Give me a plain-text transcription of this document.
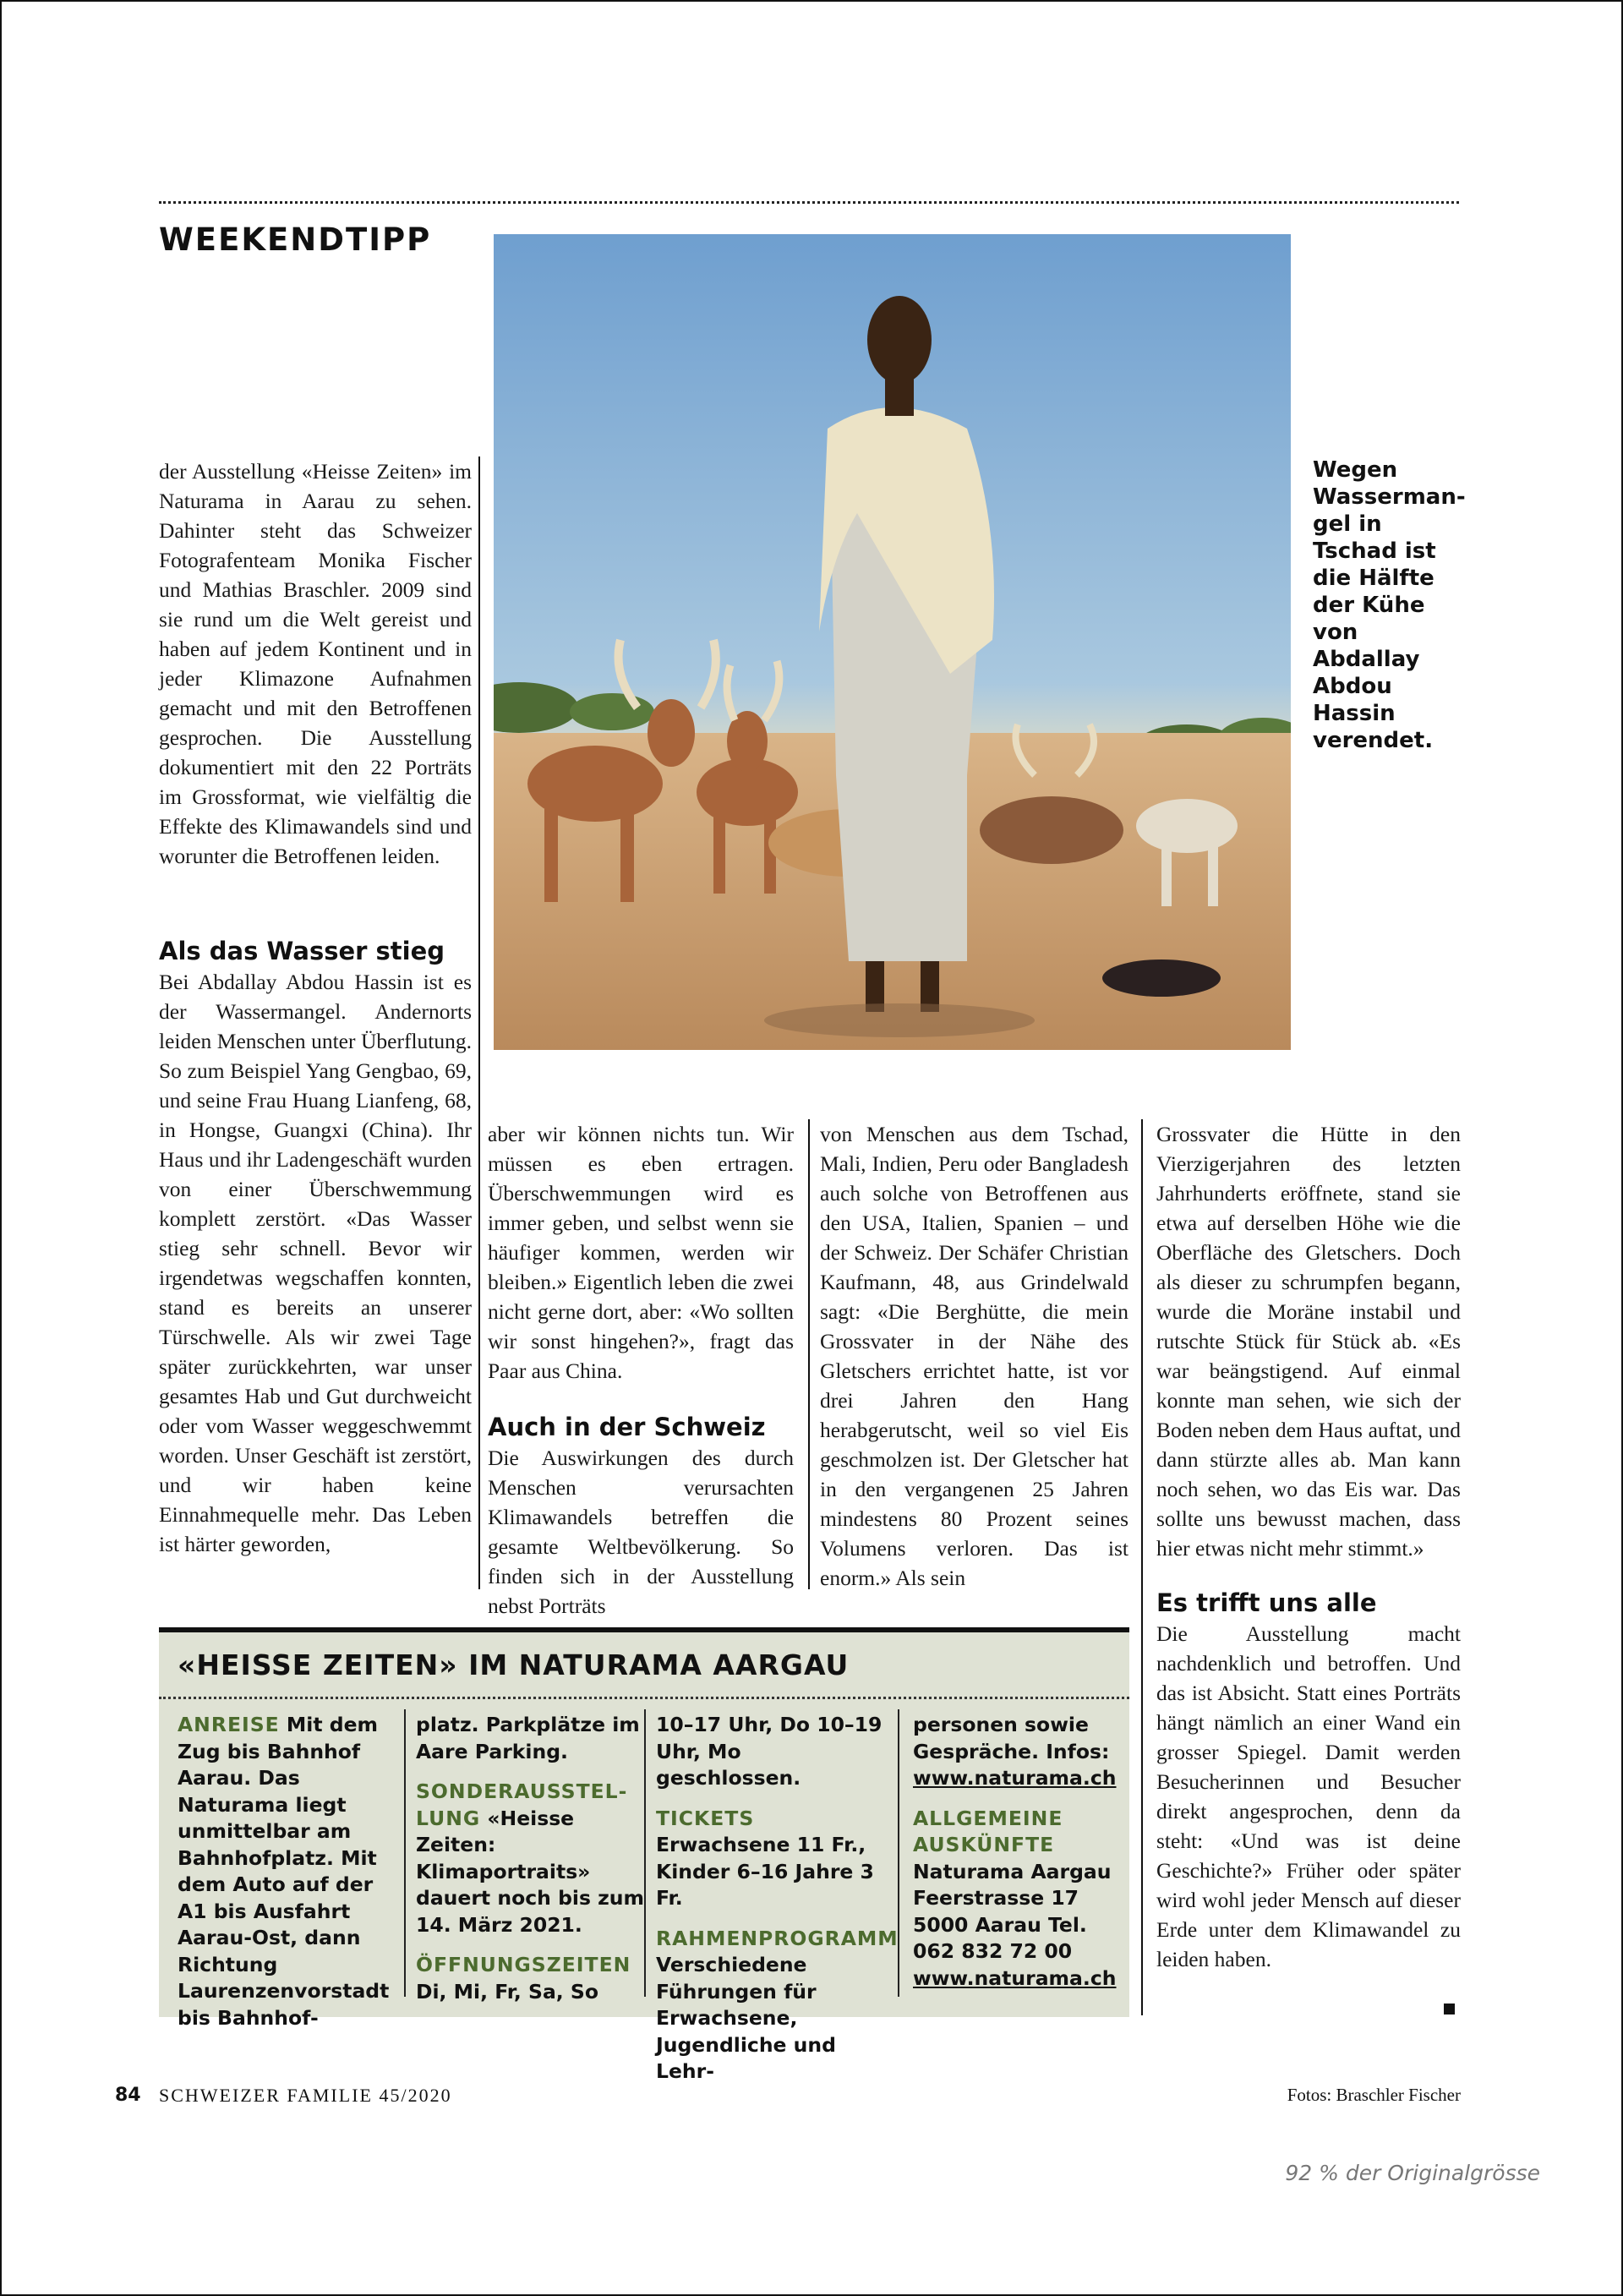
WEEKENDTIPP
Wegen Wasserman-gel in Tschad ist die Hälfte der Kühe von Abdallay Abdou Hassin verendet.

der Ausstellung «Heisse Zeiten» im Naturama in Aarau zu sehen. Dahinter steht das Schweizer Fotografenteam Monika Fischer und Mathias Braschler. 2009 sind sie rund um die Welt gereist und haben auf jedem Kontinent und in jeder Klimazone Aufnahmen gemacht und mit den Betroffenen gesprochen. Die Ausstellung dokumentiert mit den 22 Porträts im Grossformat, wie vielfältig die Effekte des Klimawandels sind und worunter die Betroffenen leiden.

Als das Wasser stieg

Bei Abdallay Abdou Hassin ist es der Wassermangel. Andernorts leiden Menschen unter Überflutung. So zum Beispiel Yang Gengbao, 69, und seine Frau Huang Lianfeng, 68, in Hongse, Guangxi (China). Ihr Haus und ihr Ladengeschäft wurden von einer Überschwemmung komplett zerstört. «Das Wasser stieg sehr schnell. Bevor wir irgendetwas wegschaffen konnten, stand es bereits an unserer Türschwelle. Als wir zwei Tage später zurückkehrten, war unser gesamtes Hab und Gut durchweicht oder vom Wasser weggeschwemmt worden. Unser Geschäft ist zerstört, und wir haben keine Einnahmequelle mehr. Das Leben ist härter geworden,

aber wir können nichts tun. Wir müssen es eben ertragen. Überschwemmungen wird es immer geben, und selbst wenn sie häufiger kommen, werden wir bleiben.» Eigentlich leben die zwei nicht gerne dort, aber: «Wo sollten wir sonst hingehen?», fragt das Paar aus China.

Auch in der Schweiz

Die Auswirkungen des durch Menschen verursachten Klimawandels betreffen die gesamte Weltbevölkerung. So finden sich in der Ausstellung nebst Porträts

von Menschen aus dem Tschad, Mali, Indien, Peru oder Bangladesh auch solche von Betroffenen aus den USA, Italien, Spanien – und der Schweiz. Der Schäfer Christian Kaufmann, 48, aus Grindelwald sagt: «Die Berghütte, die mein Grossvater in der Nähe des Gletschers errichtet hatte, ist vor drei Jahren den Hang herabgerutscht, weil so viel Eis geschmolzen ist. Der Gletscher hat in den vergangenen 25 Jahren mindestens 80 Prozent seines Volumens verloren. Das ist enorm.» Als sein

Grossvater die Hütte in den Vierzigerjahren des letzten Jahrhunderts eröffnete, stand sie etwa auf derselben Höhe wie die Oberfläche des Gletschers. Doch als dieser zu schrumpfen begann, wurde die Moräne instabil und rutschte Stück für Stück ab. «Es war beängstigend. Auf einmal konnte man sehen, wie sich der Boden neben dem Haus auftat, und dann stürzte alles ab. Man kann noch sehen, wo das Eis war. Das sollte uns bewusst machen, dass hier etwas nicht mehr stimmt.»

Es trifft uns alle

Die Ausstellung macht nachdenklich und betroffen. Und das ist Absicht. Statt eines Porträts hängt nämlich an einer Wand ein grosser Spiegel. Damit werden Besucherinnen und Besucher direkt angesprochen, denn da steht: «Und was ist deine Geschichte?» Früher oder später wird wohl jeder Mensch auf dieser Erde unter dem Klimawandel zu leiden haben.

«HEISSE ZEITEN» IM NATURAMA AARGAU
ANREISE Mit dem Zug bis Bahnhof Aarau. Das Naturama liegt unmittelbar am Bahnhofplatz. Mit dem Auto auf der A1 bis Ausfahrt Aarau-Ost, dann Richtung Laurenzenvorstadt bis Bahnhof-
platz. Parkplätze im Aare Parking.
SONDERAUSSTEL-LUNG «Heisse Zeiten: Klimaportraits» dauert noch bis zum 14. März 2021.
ÖFFNUNGSZEITEN
Di, Mi, Fr, Sa, So
10–17 Uhr, Do 10–19 Uhr, Mo geschlossen.
TICKETS
Erwachsene 11 Fr., Kinder 6–16 Jahre 3 Fr.
RAHMENPROGRAMM
Verschiedene Führungen für Erwachsene, Jugendliche und Lehr-
personen sowie Gespräche. Infos:
www.naturama.ch
ALLGEMEINE AUSKÜNFTE
Naturama Aargau Feerstrasse 17 5000 Aarau Tel. 062 832 72 00
www.naturama.ch
84 SCHWEIZER FAMILIE 45/2020	Fotos: Braschler Fischer
92 % der Originalgrösse
